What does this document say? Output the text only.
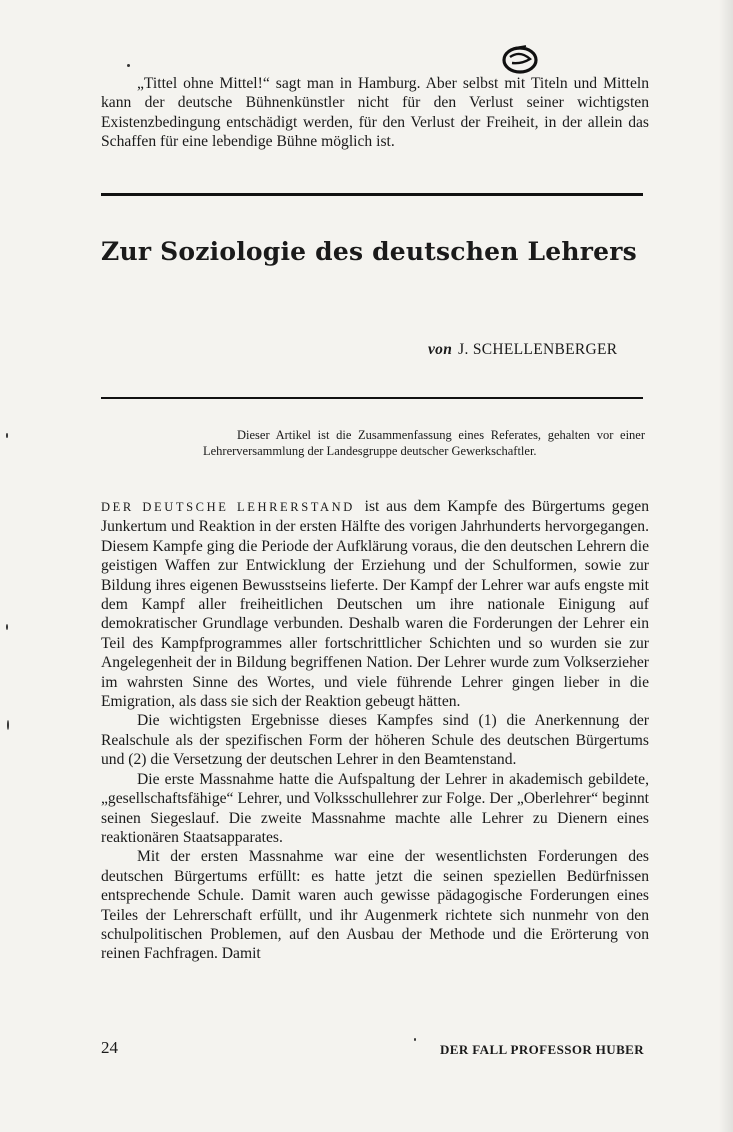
„Tittel ohne Mittel!“ sagt man in Hamburg. Aber selbst mit Titeln und Mitteln kann der deutsche Bühnenkünstler nicht für den Verlust seiner wichtigsten Existenzbedingung entschädigt werden, für den Verlust der Freiheit, in der allein das Schaffen für eine lebendige Bühne möglich ist.

Zur Soziologie des deutschen Lehrers
von J. SCHELLENBERGER

Dieser Artikel ist die Zusammenfassung eines Referates, gehalten vor einer Lehrerversammlung der Landesgruppe deutscher Gewerkschaftler.

DER DEUTSCHE LEHRERSTAND ist aus dem Kampfe des Bürgertums gegen Junkertum und Reaktion in der ersten Hälfte des vorigen Jahrhunderts hervorgegangen. Diesem Kampfe ging die Periode der Aufklärung voraus, die den deutschen Lehrern die geistigen Waffen zur Entwicklung der Erziehung und der Schulformen, sowie zur Bildung ihres eigenen Bewusstseins lieferte. Der Kampf der Lehrer war aufs engste mit dem Kampf aller freiheitlichen Deutschen um ihre nationale Einigung auf demokratischer Grundlage verbunden. Deshalb waren die Forderungen der Lehrer ein Teil des Kampfprogrammes aller fortschrittlicher Schichten und so wurden sie zur Angelegenheit der in Bildung begriffenen Nation. Der Lehrer wurde zum Volkserzieher im wahrsten Sinne des Wortes, und viele führende Lehrer gingen lieber in die Emigration, als dass sie sich der Reaktion gebeugt hätten.

Die wichtigsten Ergebnisse dieses Kampfes sind (1) die Anerkennung der Realschule als der spezifischen Form der höheren Schule des deutschen Bürgertums und (2) die Versetzung der deutschen Lehrer in den Beamtenstand.

Die erste Massnahme hatte die Aufspaltung der Lehrer in akademisch gebildete, „gesellschaftsfähige“ Lehrer, und Volksschullehrer zur Folge. Der „Oberlehrer“ beginnt seinen Siegeslauf. Die zweite Massnahme machte alle Lehrer zu Dienern eines reaktionären Staatsapparates.

Mit der ersten Massnahme war eine der wesentlichsten Forderungen des deutschen Bürgertums erfüllt: es hatte jetzt die seinen speziellen Bedürfnissen entsprechende Schule. Damit waren auch gewisse pädagogische Forderungen eines Teiles der Lehrerschaft erfüllt, und ihr Augenmerk richtete sich nunmehr von den schulpolitischen Problemen, auf den Ausbau der Methode und die Erörterung von reinen Fachfragen. Damit

24	DER FALL PROFESSOR HUBER
